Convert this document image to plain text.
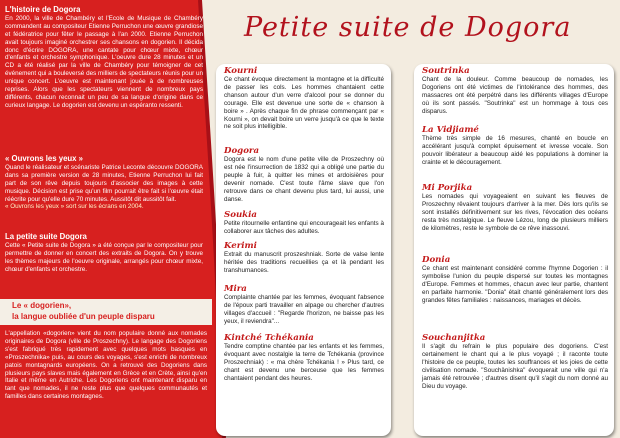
L'histoire de Dogora

En 2000, la ville de Chambéry et l'Ecole de Musique de Chambéry commandent au compositeur Etienne Perruchon une œuvre grandiose et fédératrice pour fêter le passage à l'an 2000. Etienne Perruchon avait toujours imaginé orchestrer ses chansons en dogorien. Il décida donc d'écrire DOGORA, une cantate pour chœur mixte, chœur d'enfants et orchestre symphonique. L'oeuvre dure 28 minutes et un CD a été réalisé par la ville de Chambéry pour témoigner de cet événement qui a bouleversé des milliers de spectateurs réunis pour un unique concert. L'oeuvre est maintenant jouée à de nombreuses reprises. Alors que les spectateurs viennent de nombreux pays différents, chacun reconnait un peu de sa langue d'origine dans ce curieux langage. Le dogorien est devenu un espéranto ressenti.

« Ouvrons les yeux »

Quand le réalisateur et scénariste Patrice Leconte découvre DOGORA dans sa première version de 28 minutes, Etienne Perruchon lui fait part de son rêve depuis toujours d'associer des images à cette musique. Décision est prise qu'un film pourrait être fait si l'œuvre était réécrite pour qu'elle dure 70 minutes. Aussitôt dit aussitôt fait.

« Ouvrons les yeux » sort sur les écrans en 2004.

La petite suite Dogora

Cette « Petite suite de Dogora » a été conçue par le compositeur pour permettre de donner en concert des extraits de Dogora. On y trouve les thèmes majeurs de l'oeuvre originale, arrangés pour chœur mixte, chœur d'enfants et orchestre.

Le « dogorien»,
la langue oubliée d'un peuple disparu

L'appellation «dogorien» vient du nom populaire donné aux nomades originaires de Dogora (ville de Proszechny). Le langage des Dogoriens s'est fabriqué très rapidement avec quelques mots basques en «Proszechnika» puis, au cours des voyages, s'est enrichi de nombreux patois montagnards européens. On a retrouvé des Dogoriens dans plusieurs pays slaves mais également en Grèce et en Crète, ainsi qu'en Italie et même en Autriche. Les Dogoriens ont maintenant disparu en tant que nomades, il ne reste plus que quelques communautés et familles dans certaines montagnes.

Petite suite de Dogora
Kourni

Ce chant évoque directement la montagne et la difficulté de passer les cols. Les hommes chantaient cette chanson autour d'un verre d'alcool pour se donner du courage. Elle est devenue une sorte de « chanson à boire » . Après chaque fin de phrase commençant par « Kourni », on devait boire un verre jusqu'à ce que le texte ne soit plus intelligible.

Dogora

Dogora est le nom d'une petite ville de Proszechny où est née l'insurrection de 1832 qui a obligé une partie du peuple à fuir, à quitter les mines et ardoisières pour devenir nomade. C'est toute l'âme slave que l'on retrouve dans ce chant devenu plus tard, lui aussi, une danse.

Soukia

Petite ritournelle enfantine qui encourageait les enfants à collaborer aux tâches des adultes.

Kerimi

Extrait du manuscrit proszeshniak. Sorte de valse lente héritée des traditions recueillies ça et là pendant les transhumances.

Mira

Complainte chantée par les femmes, évoquant l'absence de l'époux parti travailler en alpage ou chercher d'autres villages d'accueil : "Regarde l'horizon, ne baisse pas les yeux, il reviendra"...

Kintché Tchékania

Tendre comptine chantée par les enfants et les femmes, évoquant avec nostalgie la terre de Tchékania (province Proszechniak) : « ma chère Tchékania ! » Plus tard, ce chant est devenu une berceuse que les femmes chantaient pendant des heures.

Soutrinka

Chant de la douleur. Comme beaucoup de nomades, les Dogoriens ont été victimes de l'intolérance des hommes, des massacres ont été perpétré dans les différents villages d'Europe où ils sont passés. "Soutrinka" est un hommage à tous ces disparus.

La Vidjiamé

Thème très simple de 16 mesures, chanté en boucle en accélérant jusqu'à complet épuisement et ivresse vocale. Son pouvoir libérateur a beaucoup aidé les populations à dominer la crainte et le découragement.

Mi Porjika

Les nomades qui voyageaient en suivant les fleuves de Proszechny rêvaient toujours d'arriver à la mer. Dès lors qu'ils se sont installés définitivement sur les rives, l'évocation des océans resta très nostalgique. Le fleuve Lézou, long de plusieurs milliers de kilomètres, reste le symbole de ce rêve inassouvi.

Donia

Ce chant est maintenant considéré comme l'hymne Dogorien : il symbolise l'union du peuple dispersé sur toutes les montagnes d'Europe. Femmes et hommes, chacun avec leur partie, chantent en parfaite harmonie. "Donia" était chanté généralement lors des grandes fêtes familiales : naissances, mariages et décès.

Souchanjitka

Il s'agit du refrain le plus populaire des dogoriens. C'est certainement le chant qui a le plus voyagé ; il raconte toute l'histoire de ce peuple, toutes les souffrances et les joies de cette civilisation nomade. "Souchänishka" évoquerait une ville qui n'a jamais été retrouvée ; d'autres disent qu'il s'agit du nom donné au Dieu du voyage.
